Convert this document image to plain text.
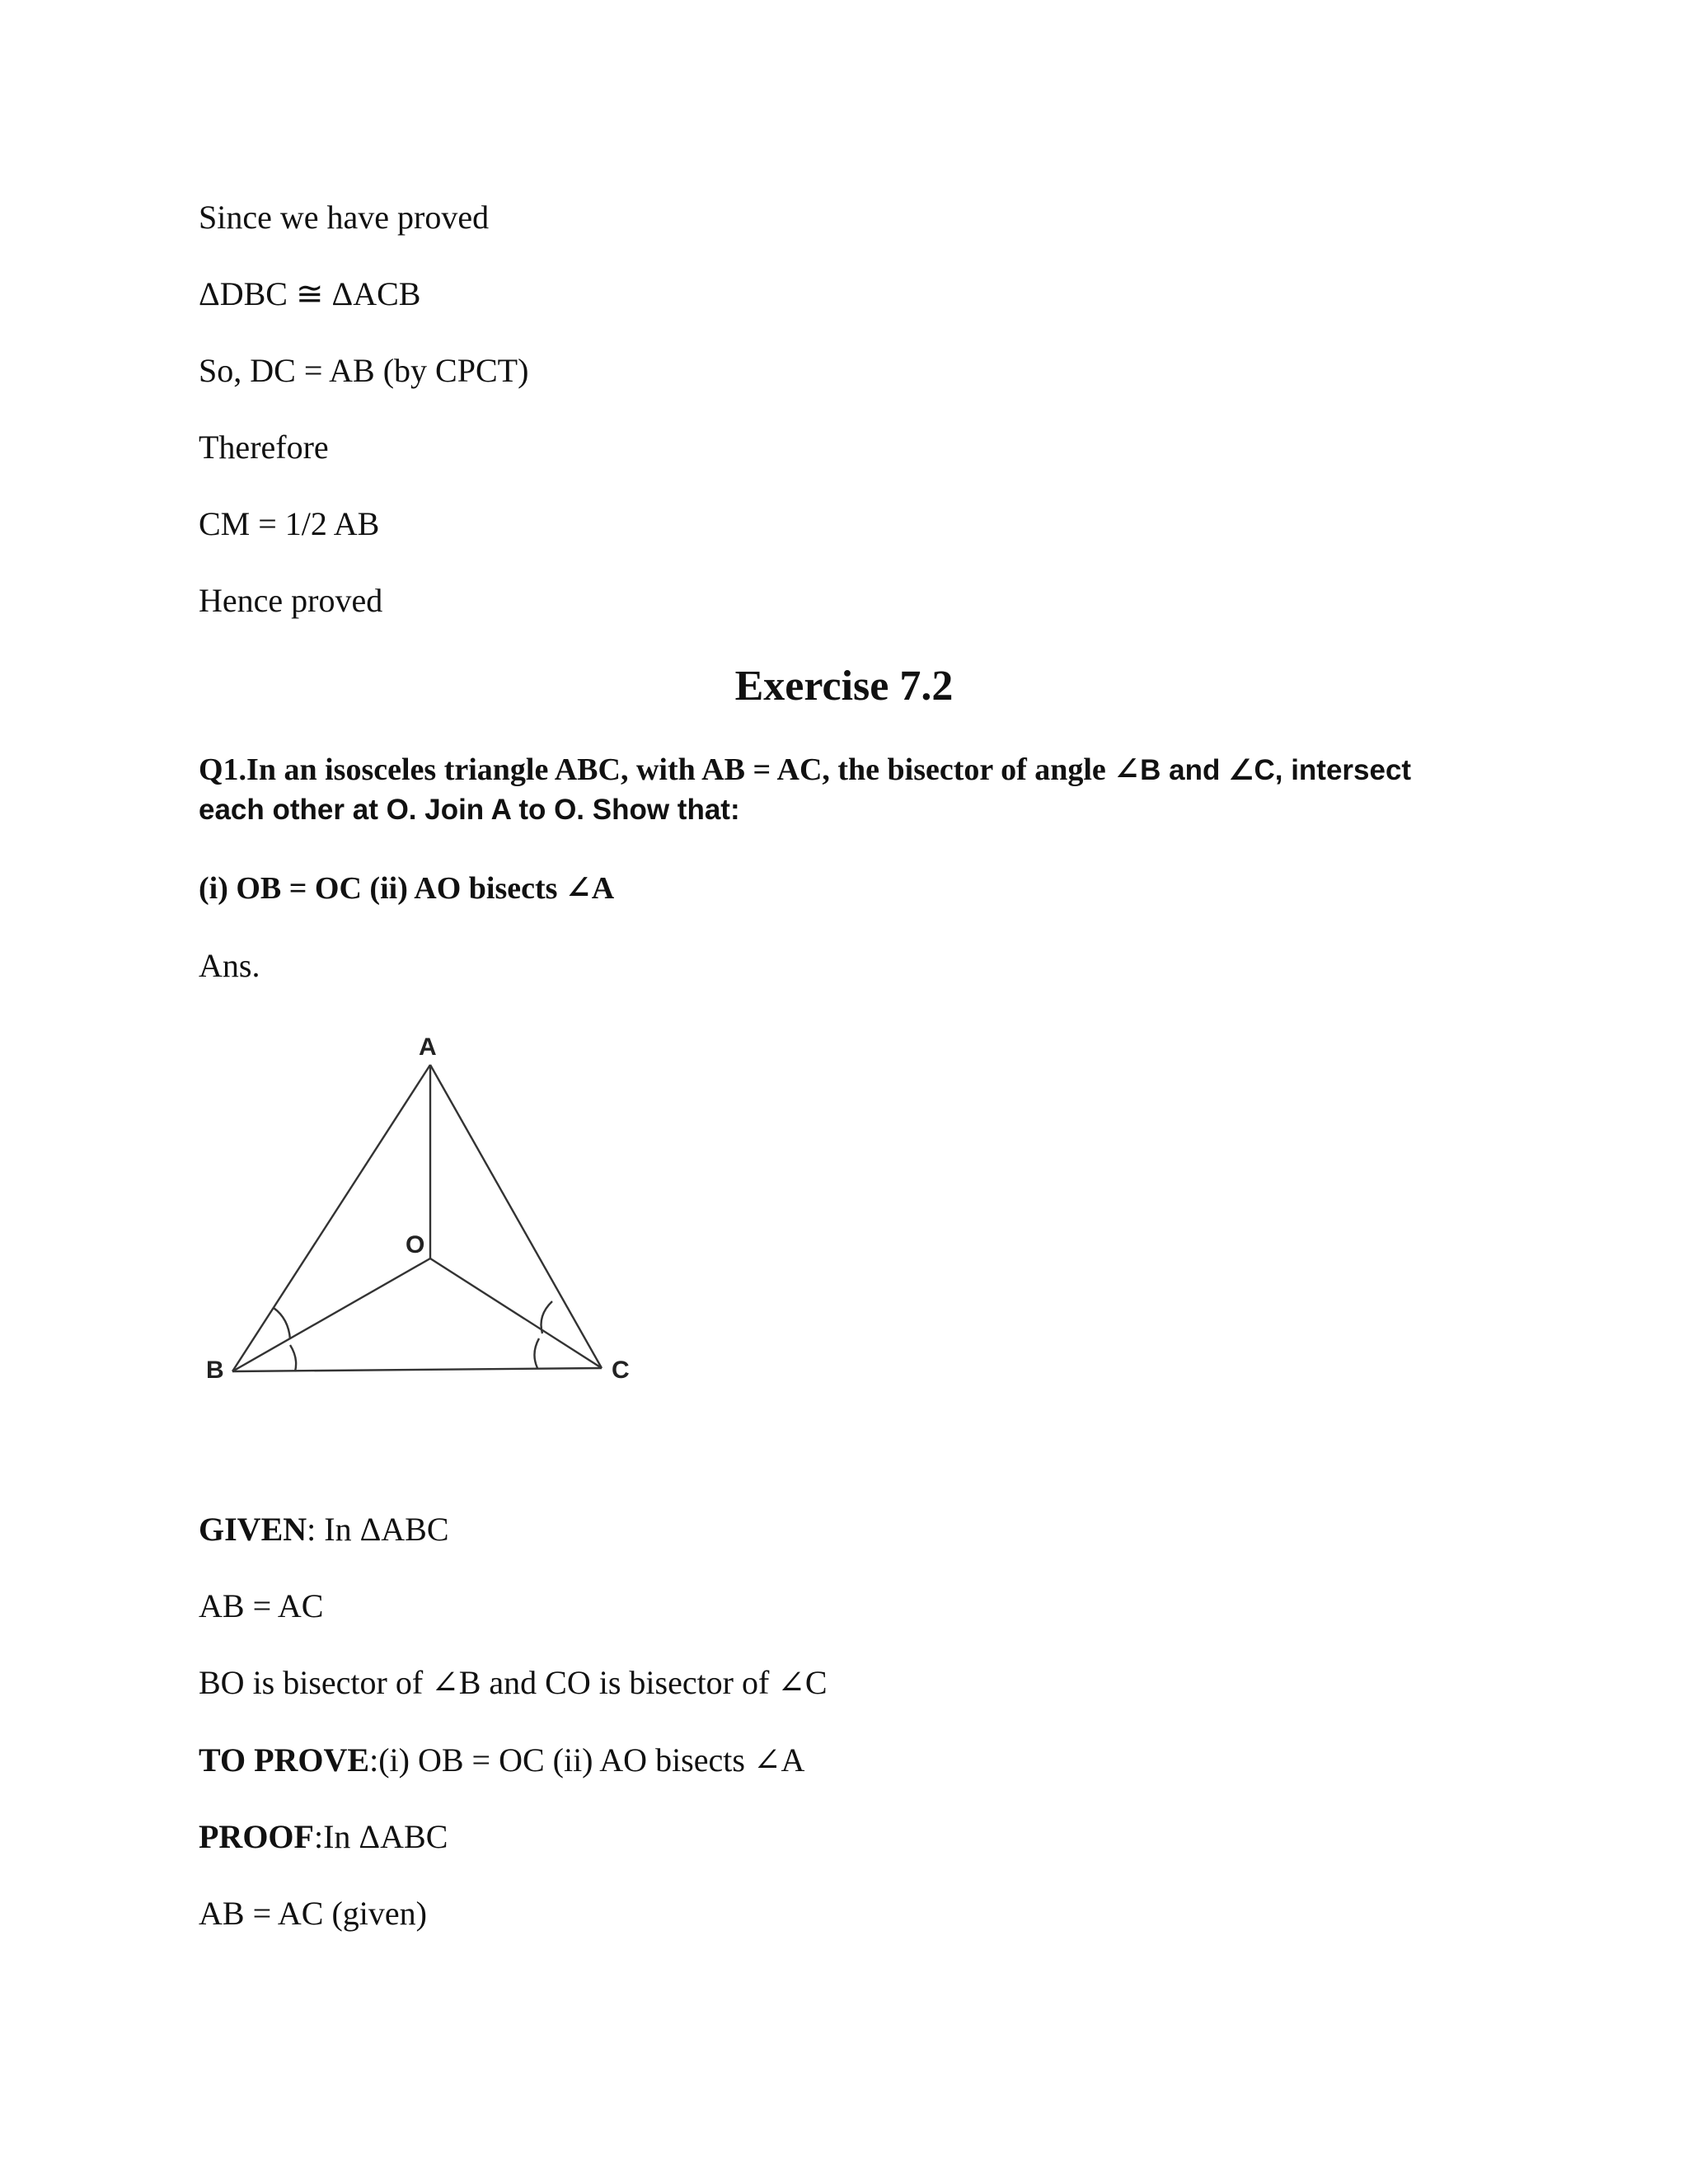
Since we have proved
ΔDBC ≅ ΔACB
So, DC = AB (by CPCT)
Therefore
CM = 1/2 AB
Hence proved
Exercise 7.2
Q1.In an isosceles triangle ABC, with AB = AC, the bisector of angle ∠B and ∠C, intersect
each other at O. Join A to O. Show that:
(i) OB = OC (ii) AO bisects ∠A
Ans.
A
B	C
O
GIVEN: In ΔABC
AB = AC
BO is bisector of ∠B and CO is bisector of ∠C
TO PROVE:(i) OB = OC (ii) AO bisects ∠A
PROOF:In ΔABC
AB = AC (given)
